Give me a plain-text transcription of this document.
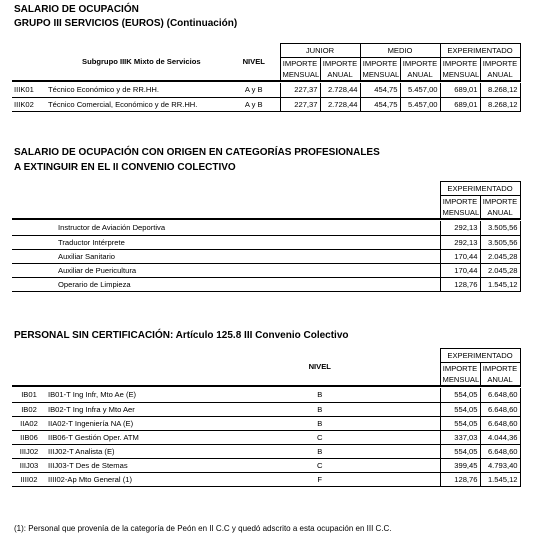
SALARIO DE OCUPACIÓN
GRUPO III SERVICIOS (EUROS) (Continuación)
	Subgrupo IIIK Mixto de Servicios	NIVEL	JUNIOR		MEDIO		EXPERIMENTADO	
			IMPORTE	IMPORTE	IMPORTE	IMPORTE	IMPORTE	IMPORTE
			MENSUAL	ANUAL	MENSUAL	ANUAL	MENSUAL	ANUAL

IIIK01	Técnico Económico y de RR.HH.	A y B	227,37	2.728,44	454,75	5.457,00	689,01	8.268,12
IIIK02	Técnico Comercial, Económico y de RR.HH.	A y B	227,37	2.728,44	454,75	5.457,00	689,01	8.268,12
SALARIO DE OCUPACIÓN CON ORIGEN EN CATEGORÍAS PROFESIONALES
A EXTINGUIR EN EL II CONVENIO COLECTIVO
		EXPERIMENTADO	
		IMPORTE	IMPORTE
		MENSUAL	ANUAL

	Instructor de Aviación Deportiva	292,13	3.505,56
	Traductor Intérprete	292,13	3.505,56
	Auxiliar Sanitario	170,44	2.045,28
	Auxiliar de Puericultura	170,44	2.045,28
	Operario de Limpieza	128,76	1.545,12
PERSONAL SIN CERTIFICACIÓN: Artículo 125.8 III Convenio Colectivo
		NIVEL	EXPERIMENTADO	
			IMPORTE	IMPORTE
			MENSUAL	ANUAL

IB01	IB01-T Ing Infr, Mto Ae (E)	B	554,05	6.648,60
IB02	IB02-T Ing Infra y Mto Aer	B	554,05	6.648,60
IIA02	IIA02-T Ingeniería NA (E)	B	554,05	6.648,60
IIB06	IIB06-T Gestión Oper. ATM	C	337,03	4.044,36
IIIJ02	IIIJ02-T Analista (E)	B	554,05	6.648,60
IIIJ03	IIIJ03-T Des de Stemas	C	399,45	4.793,40
IIII02	IIII02-Ap Mto General (1)	F	128,76	1.545,12
(1): Personal que provenía de la categoría de Peón en II C.C y quedó adscrito a esta ocupación en III C.C.
